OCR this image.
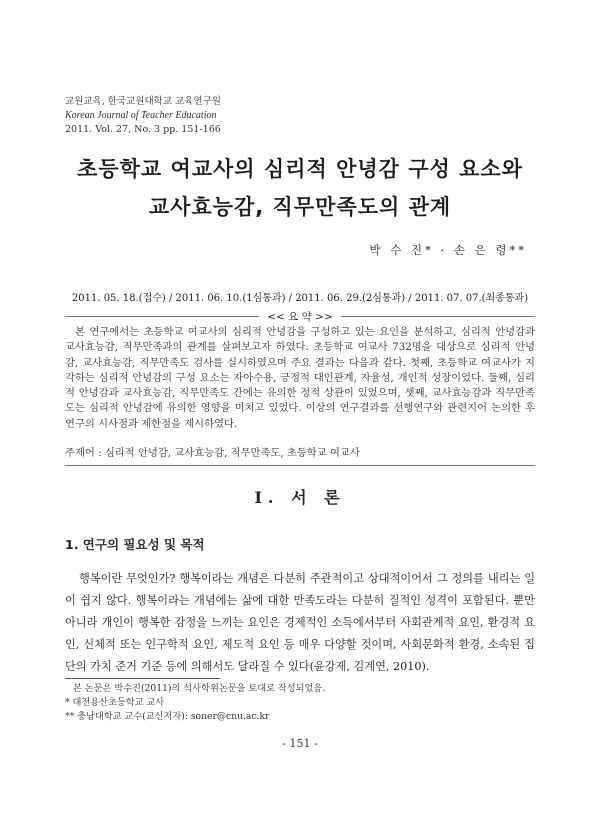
교원교육, 한국교원대학교 교육연구원
Korean Journal of Teacher Education
2011. Vol. 27, No. 3 pp. 151-166
초등학교 여교사의 심리적 안녕감 구성 요소와
교사효능감, 직무만족도의 관계
박 수 진* · 손 은 령**
2011. 05. 18.(접수) / 2011. 06. 10.(1심통과) / 2011. 06. 29.(2심통과) / 2011. 07. 07.(최종통과)
<< 요 약 >>

본 연구에서는 초등학교 여교사의 심리적 안녕감을 구성하고 있는 요인을 분석하고, 심리적 안녕감과 교사효능감, 직무만족과의 관계를 살펴보고자 하였다. 초등학교 여교사 732명을 대상으로 심리적 안녕감, 교사효능감, 직무만족도 검사를 실시하였으며 주요 결과는 다음과 같다. 첫째, 초등학교 여교사가 지각하는 심리적 안녕감의 구성 요소는 자아수용, 긍정적 대인관계, 자율성, 개인적 성장이었다. 둘째, 심리적 안녕감과 교사효능감, 직무만족도 간에는 유의한 정적 상관이 있었으며, 셋째, 교사효능감과 직무만족도는 심리적 안녕감에 유의한 영향을 미치고 있었다. 이상의 연구결과를 선행연구와 관련지어 논의한 후 연구의 시사점과 제한점을 제시하였다.

주제어 : 심리적 안녕감, 교사효능감, 직무만족도, 초등학교 여교사
Ⅰ. 서 론
1. 연구의 필요성 및 목적

행복이란 무엇인가? 행복이라는 개념은 다분히 주관적이고 상대적이어서 그 정의를 내리는 일이 쉽지 않다. 행복이라는 개념에는 삶에 대한 만족도라는 다분히 질적인 성격이 포함된다. 뿐만 아니라 개인이 행복한 감정을 느끼는 요인은 경제적인 소득에서부터 사회관계적 요인, 환경적 요인, 신체적 또는 인구학적 요인, 제도적 요인 등 매우 다양할 것이며, 사회문화적 환경, 소속된 집단의 가치 준거 기준 등에 의해서도 달라질 수 있다(윤강제, 김계연, 2010).

본 논문은 박수진(2011)의 석사학위논문을 토대로 작성되었음.
* 대전용산초등학교 교사
** 충남대학교 교수(교신저자): soner@cnu.ac.kr
- 151 -
